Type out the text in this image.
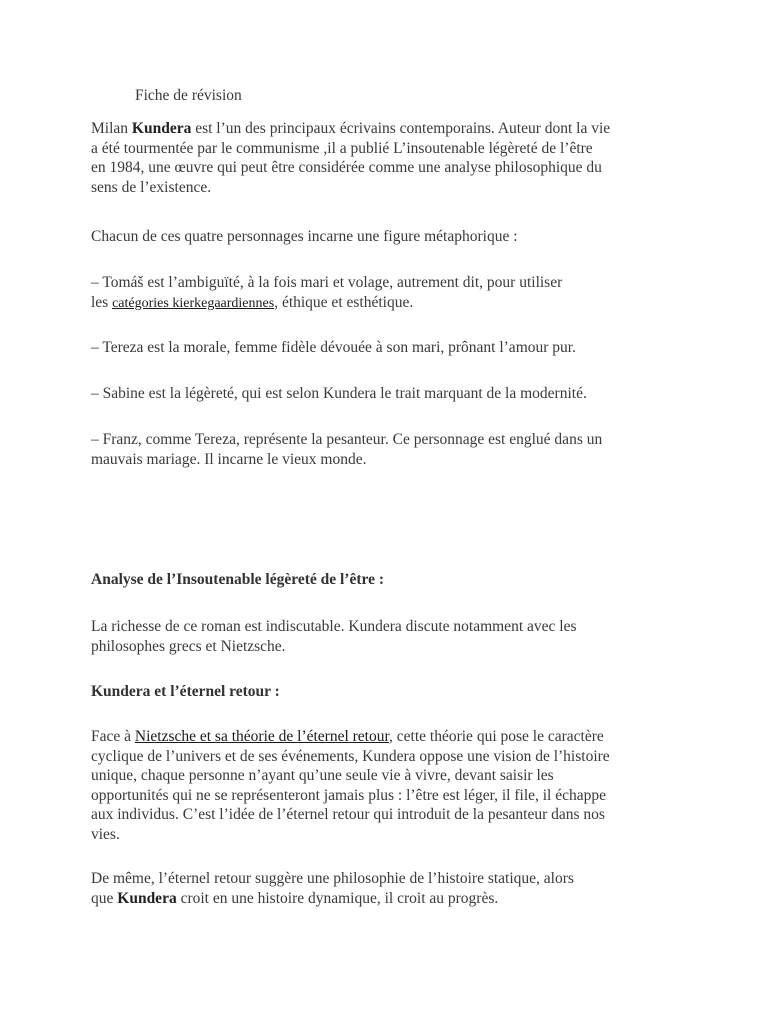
Fiche de révision

Milan Kundera est l’un des principaux écrivains contemporains. Auteur dont la vie
a été tourmentée par le communisme ,il a publié L’insoutenable légèreté de l’être
en 1984, une œuvre qui peut être considérée comme une analyse philosophique du
sens de l’existence.

Chacun de ces quatre personnages incarne une figure métaphorique :

– Tomáš est l’ambiguïté, à la fois mari et volage, autrement dit, pour utiliser
les catégories kierkegaardiennes, éthique et esthétique.

– Tereza est la morale, femme fidèle dévouée à son mari, prônant l’amour pur.

– Sabine est la légèreté, qui est selon Kundera le trait marquant de la modernité.

– Franz, comme Tereza, représente la pesanteur. Ce personnage est englué dans un
mauvais mariage. Il incarne le vieux monde.

Analyse de l’Insoutenable légèreté de l’être :

La richesse de ce roman est indiscutable. Kundera discute notamment avec les
philosophes grecs et Nietzsche.

Kundera et l’éternel retour :

Face à Nietzsche et sa théorie de l’éternel retour, cette théorie qui pose le caractère
cyclique de l’univers et de ses événements, Kundera oppose une vision de l’histoire
unique, chaque personne n’ayant qu’une seule vie à vivre, devant saisir les
opportunités qui ne se représenteront jamais plus : l’être est léger, il file, il échappe
aux individus. C’est l’idée de l’éternel retour qui introduit de la pesanteur dans nos
vies.

De même, l’éternel retour suggère une philosophie de l’histoire statique, alors
que Kundera croit en une histoire dynamique, il croit au progrès.
